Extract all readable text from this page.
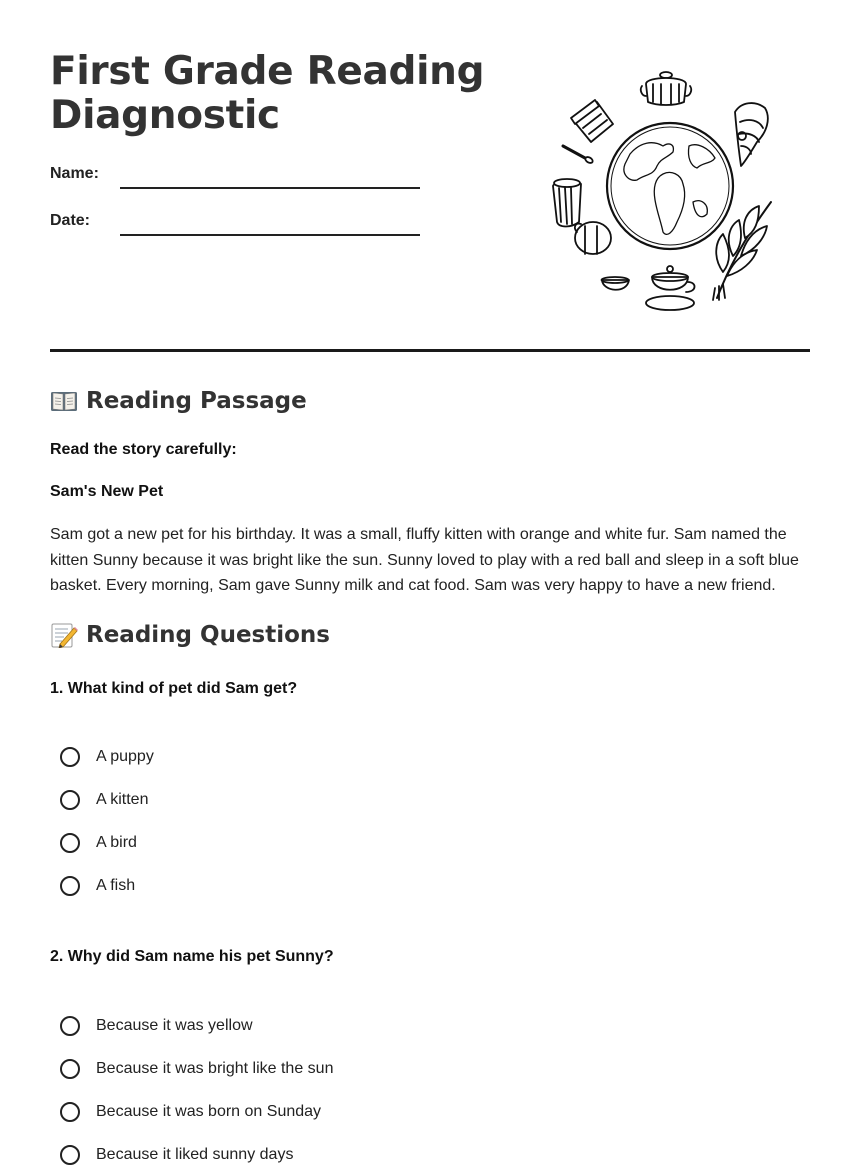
First Grade Reading
Diagnostic
Name:
Date:
Reading Passage
Read the story carefully:
Sam's New Pet

Sam got a new pet for his birthday. It was a small, fluffy kitten with orange and white fur. Sam named the kitten Sunny because it was bright like the sun. Sunny loved to play with a red ball and sleep in a soft blue basket. Every morning, Sam gave Sunny milk and cat food. Sam was very happy to have a new friend.

Reading Questions
1. What kind of pet did Sam get?
A puppy
A kitten
A bird
A fish
2. Why did Sam name his pet Sunny?
Because it was yellow
Because it was bright like the sun
Because it was born on Sunday
Because it liked sunny days
